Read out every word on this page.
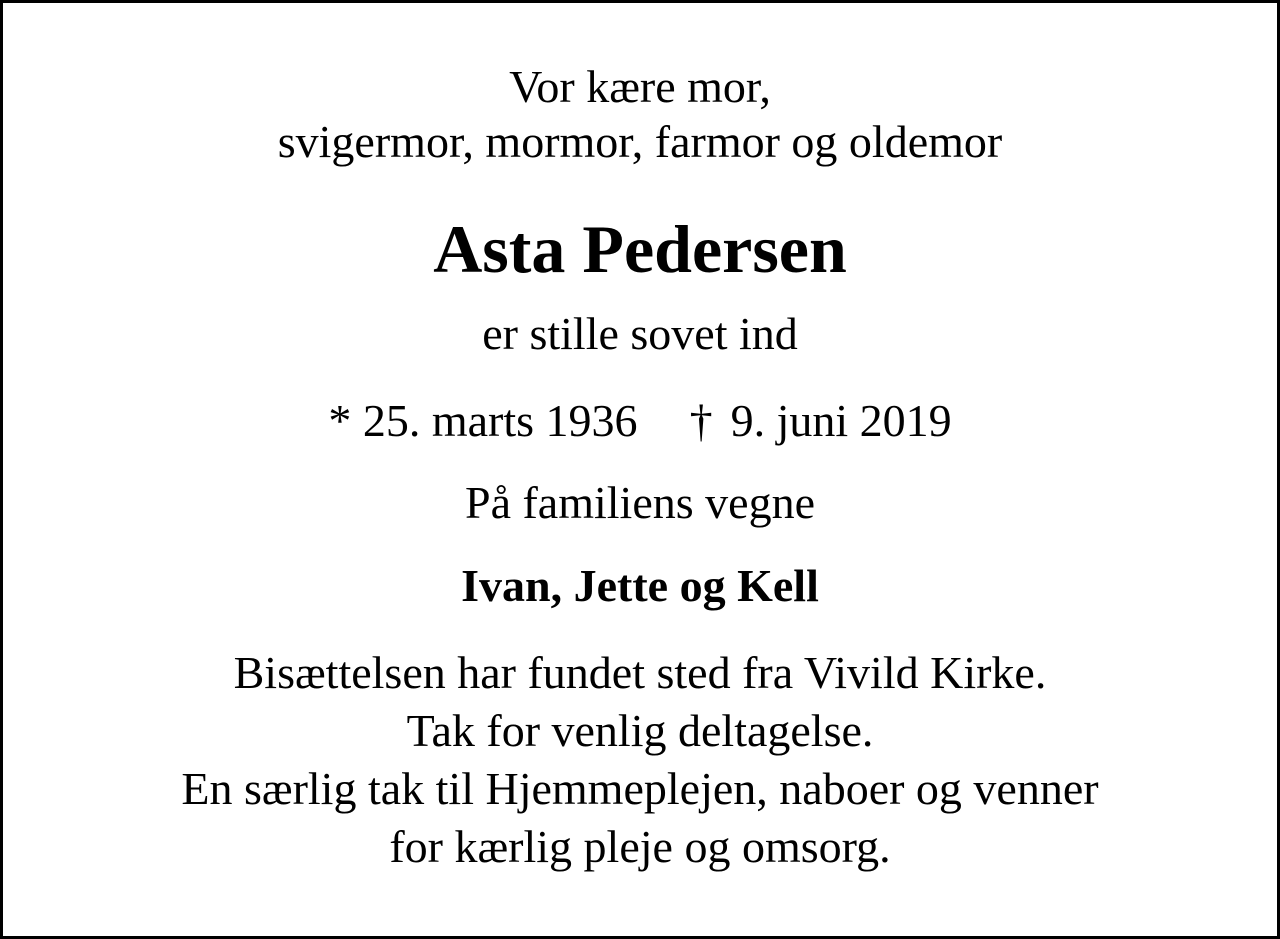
Vor kære mor,
svigermor, mormor, farmor og oldemor
Asta Pedersen
er stille sovet ind
* 25. marts 1936 † 9. juni 2019
På familiens vegne
Ivan, Jette og Kell
Bisættelsen har fundet sted fra Vivild Kirke.
Tak for venlig deltagelse.
En særlig tak til Hjemmeplejen, naboer og venner
for kærlig pleje og omsorg.
